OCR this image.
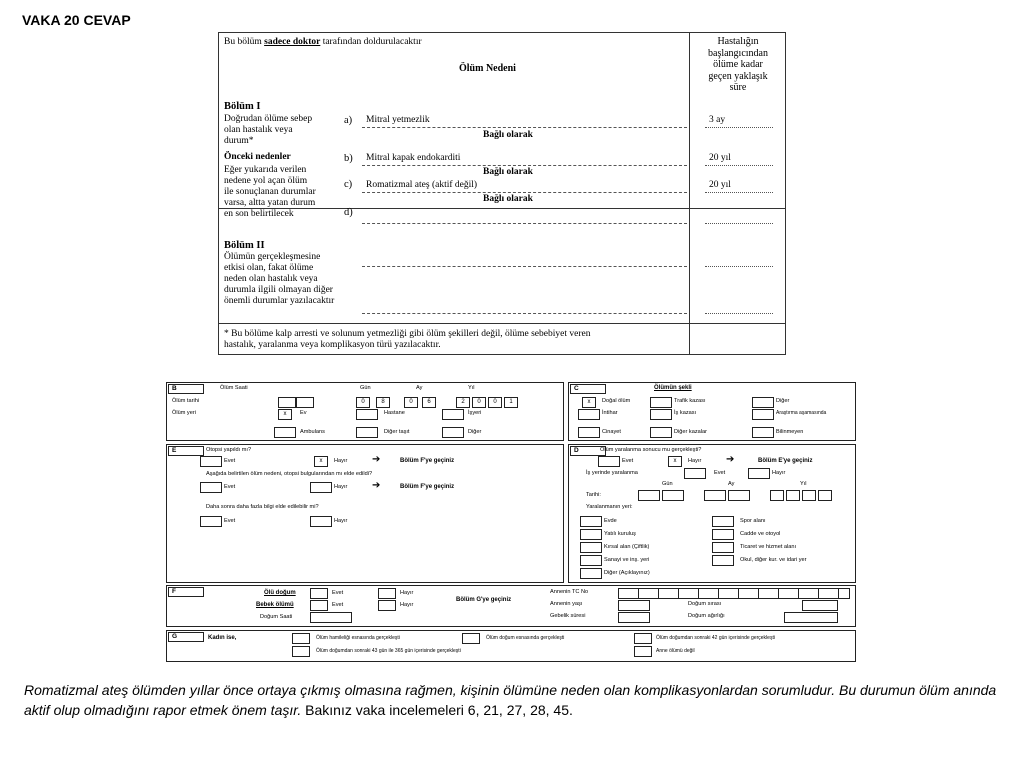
VAKA 20 CEVAP
Bu bölüm sadece doktor tarafından doldurulacaktır
Ölüm Nedeni
Hastalığın
başlangıcından
ölüme kadar
geçen yaklaşık
süre
Bölüm I
Doğrudan ölüme sebep
olan hastalık veya
durum*
Önceki nedenler
Eğer yukarıda verilen
nedene yol açan ölüm
ile sonuçlanan durumlar
varsa, altta yatan durum
en son belirtilecek
a) Mitral yetmezlik	3 ay
Bağlı olarak
b) Mitral kapak endokarditi	20 yıl
Bağlı olarak
c) Romatizmal ateş (aktif değil)	20 yıl
Bağlı olarak
d)
Bölüm II
Ölümün gerçekleşmesine
etkisi olan, fakat ölüme
neden olan hastalık veya
durumla ilgili olmayan diğer
önemli durumlar yazılacaktır
* Bu bölüme kalp arresti ve solunum yetmezliği gibi ölüm şekilleri değil, ölüme sebebiyet veren
hastalık, yaralanma veya komplikasyon türü yazılacaktır.
B	Ölüm Saati	Gün	Ay	Yıl
Ölüm tarihi	0	8	0	6	2	0	0	1
Ölüm yeri	x	Ev	Hastane	İşyeri
Ambulans	Diğer taşıt	Diğer
C	Ölümün şekli
x	Doğal ölüm	Trafik kazası	Diğer
İntihar	İş kazası	Araştırma aşamasında
Cinayet	Diğer kazalar	Bilinmeyen
E	Otopsi yapıldı mı?
Evet	x	Hayır ➔	Bölüm F'ye geçiniz
Aşağıda belirtilen ölüm nedeni, otopsi bulgularından mı elde edildi?
Evet	Hayır ➔	Bölüm F'ye geçiniz
Daha sonra daha fazla bilgi elde edilebilir mi?
Evet	Hayır
D	Ölüm yaralanma sonucu mu gerçekleşti?
Evet	x	Hayır ➔	Bölüm E'ye geçiniz
İş yerinde yaralanma	Evet	Hayır
Gün	Ay	Yıl
Tarihi:
Yaralanmanın yeri:
Evde
Yatılı kuruluş
Kırsal alan (Çiftlik)
Sanayi ve inş. yeri
Diğer (Açıklayınız)
Spor alanı
Cadde ve otoyol
Ticaret ve hizmet alanı
Okul, diğer kur. ve idari yer
F	Ölü doğum
Bebek ölümü
Doğum Saati
Evet	Hayır
Evet	Hayır
Bölüm G'ye geçiniz
Annenin TC No
Annenin yaşı
Gebelik süresi
Doğum sırası
Doğum ağırlığı
G	Kadın ise,	Ölüm hamileliği esnasında gerçekleşti	Ölüm doğum esnasında gerçekleşti	Ölüm doğumdan sonraki 42 gün içerisinde gerçekleşti
Ölüm doğumdan sonraki 43 gün ile 365 gün içerisinde gerçekleşti	Anne ölümü değil
Romatizmal ateş ölümden yıllar önce ortaya çıkmış olmasına rağmen, kişinin ölümüne neden olan komplikasyonlardan sorumludur. Bu durumun ölüm anında aktif olup olmadığını rapor etmek önem taşır. Bakınız vaka incelemeleri 6, 21, 27, 28, 45.
